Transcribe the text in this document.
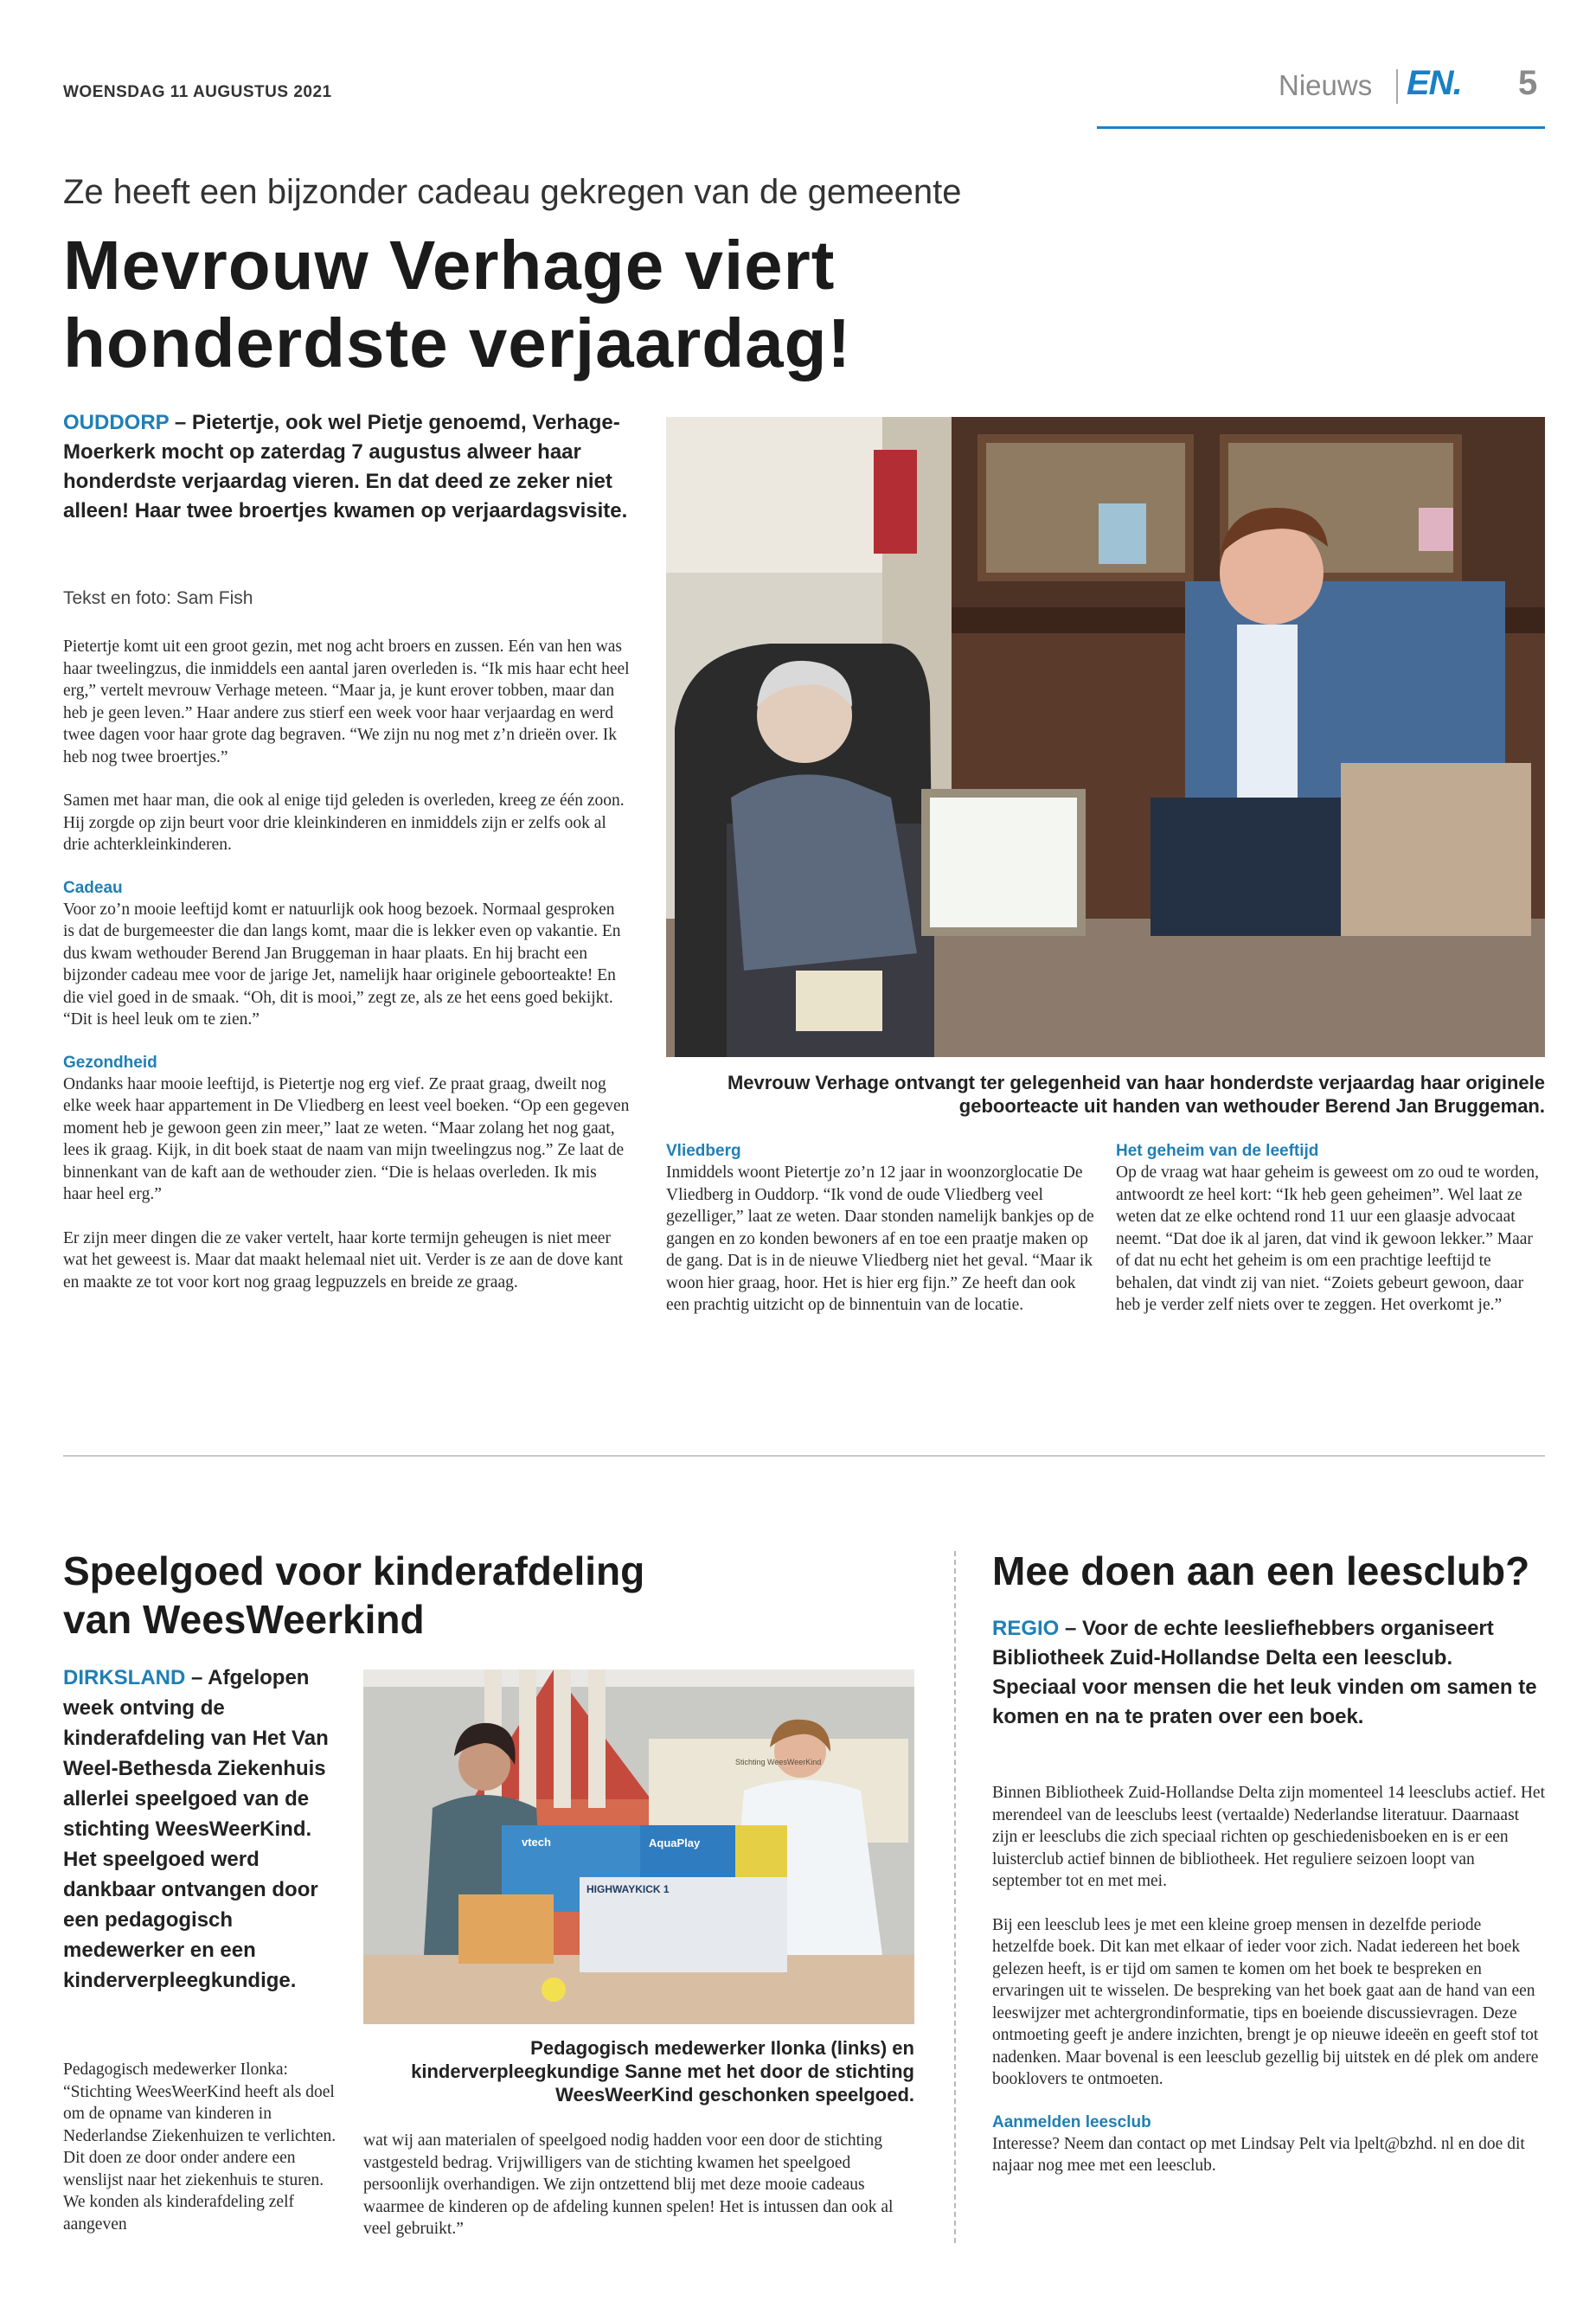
WOENSDAG 11 AUGUSTUS 2021	Nieuws EN. 5
Ze heeft een bijzonder cadeau gekregen van de gemeente
Mevrouw Verhage viert
honderdste verjaardag!
OUDDORP – Pietertje, ook wel Pietje genoemd, Verhage-Moerkerk mocht op zaterdag 7 augustus alweer haar honderdste verjaardag vieren. En dat deed ze zeker niet alleen! Haar twee broertjes kwamen op verjaardagsvisite.
Tekst en foto: Sam Fish

Pietertje komt uit een groot gezin, met nog acht broers en zussen. Eén van hen was haar tweelingzus, die inmiddels een aantal jaren overleden is. “Ik mis haar echt heel erg,” vertelt mevrouw Verhage meteen. “Maar ja, je kunt erover tobben, maar dan heb je geen leven.” Haar andere zus stierf een week voor haar verjaardag en werd twee dagen voor haar grote dag begraven. “We zijn nu nog met z’n drieën over. Ik heb nog twee broertjes.”

Samen met haar man, die ook al enige tijd geleden is overleden, kreeg ze één zoon. Hij zorgde op zijn beurt voor drie kleinkinderen en inmiddels zijn er zelfs ook al drie achterkleinkinderen.

Cadeau

Voor zo’n mooie leeftijd komt er natuurlijk ook hoog bezoek. Normaal gesproken is dat de burgemeester die dan langs komt, maar die is lekker even op vakantie. En dus kwam wethouder Berend Jan Bruggeman in haar plaats. En hij bracht een bijzonder cadeau mee voor de jarige Jet, namelijk haar originele geboorteakte! En die viel goed in de smaak. “Oh, dit is mooi,” zegt ze, als ze het eens goed bekijkt. “Dit is heel leuk om te zien.”

Gezondheid

Ondanks haar mooie leeftijd, is Pietertje nog erg vief. Ze praat graag, dweilt nog elke week haar appartement in De Vliedberg en leest veel boeken. “Op een gegeven moment heb je gewoon geen zin meer,” laat ze weten. “Maar zolang het nog gaat, lees ik graag. Kijk, in dit boek staat de naam van mijn tweelingzus nog.” Ze laat de binnenkant van de kaft aan de wethouder zien. “Die is helaas overleden. Ik mis haar heel erg.”

Er zijn meer dingen die ze vaker vertelt, haar korte termijn geheugen is niet meer wat het geweest is. Maar dat maakt helemaal niet uit. Verder is ze aan de dove kant en maakte ze tot voor kort nog graag legpuzzels en breide ze graag.

Mevrouw Verhage ontvangt ter gelegenheid van haar honderdste verjaardag haar originele geboorteacte uit handen van wethouder Berend Jan Bruggeman.
Vliedberg

Inmiddels woont Pietertje zo’n 12 jaar in woonzorglocatie De Vliedberg in Ouddorp. “Ik vond de oude Vliedberg veel gezelliger,” laat ze weten. Daar stonden namelijk bankjes op de gangen en zo konden bewoners af en toe een praatje maken op de gang. Dat is in de nieuwe Vliedberg niet het geval. “Maar ik woon hier graag, hoor. Het is hier erg fijn.” Ze heeft dan ook een prachtig uitzicht op de binnentuin van de locatie.

Het geheim van de leeftijd

Op de vraag wat haar geheim is geweest om zo oud te worden, antwoordt ze heel kort: “Ik heb geen geheimen”. Wel laat ze weten dat ze elke ochtend rond 11 uur een glaasje advocaat neemt. “Dat doe ik al jaren, dat vind ik gewoon lekker.” Maar of dat nu echt het geheim is om een prachtige leeftijd te behalen, dat vindt zij van niet. “Zoiets gebeurt gewoon, daar heb je verder zelf niets over te zeggen. Het overkomt je.”

Speelgoed voor kinderafdeling
van WeesWeerkind
DIRKSLAND – Afgelopen week ontving de kinderafdeling van Het Van Weel-Bethesda Ziekenhuis allerlei speelgoed van de stichting WeesWeerKind. Het speelgoed werd dankbaar ontvangen door een pedagogisch medewerker en een kinderverpleegkundige.
vtech	AquaPlay
HIGHWAYKICK 1
Stichting WeesWeerKind
Pedagogisch medewerker Ilonka (links) en kinderverpleegkundige Sanne met het door de stichting WeesWeerKind geschonken speelgoed.

Pedagogisch medewerker Ilonka: “Stichting WeesWeerKind heeft als doel om de opname van kinderen in Nederlandse Ziekenhuizen te verlichten. Dit doen ze door onder andere een wenslijst naar het ziekenhuis te sturen. We konden als kinderafdeling zelf aangeven

wat wij aan materialen of speelgoed nodig hadden voor een door de stichting vastgesteld bedrag. Vrijwilligers van de stichting kwamen het speelgoed persoonlijk overhandigen. We zijn ontzettend blij met deze mooie cadeaus waarmee de kinderen op de afdeling kunnen spelen! Het is intussen dan ook al veel gebruikt.”

Mee doen aan een leesclub?
REGIO – Voor de echte leesliefhebbers organiseert Bibliotheek Zuid-Hollandse Delta een leesclub. Speciaal voor mensen die het leuk vinden om samen te komen en na te praten over een boek.

Binnen Bibliotheek Zuid-Hollandse Delta zijn momenteel 14 leesclubs actief. Het merendeel van de leesclubs leest (vertaalde) Nederlandse literatuur. Daarnaast zijn er leesclubs die zich speciaal richten op geschiedenisboeken en is er een luisterclub actief binnen de bibliotheek. Het reguliere seizoen loopt van september tot en met mei.

Bij een leesclub lees je met een kleine groep mensen in dezelfde periode hetzelfde boek. Dit kan met elkaar of ieder voor zich. Nadat iedereen het boek gelezen heeft, is er tijd om samen te komen om het boek te bespreken en ervaringen uit te wisselen. De bespreking van het boek gaat aan de hand van een leeswijzer met achtergrondinformatie, tips en boeiende discussievragen. Deze ontmoeting geeft je andere inzichten, brengt je op nieuwe ideeën en geeft stof tot nadenken. Maar bovenal is een leesclub gezellig bij uitstek en dé plek om andere booklovers te ontmoeten.

Aanmelden leesclub

Interesse? Neem dan contact op met Lindsay Pelt via lpelt@bzhd. nl en doe dit najaar nog mee met een leesclub.
